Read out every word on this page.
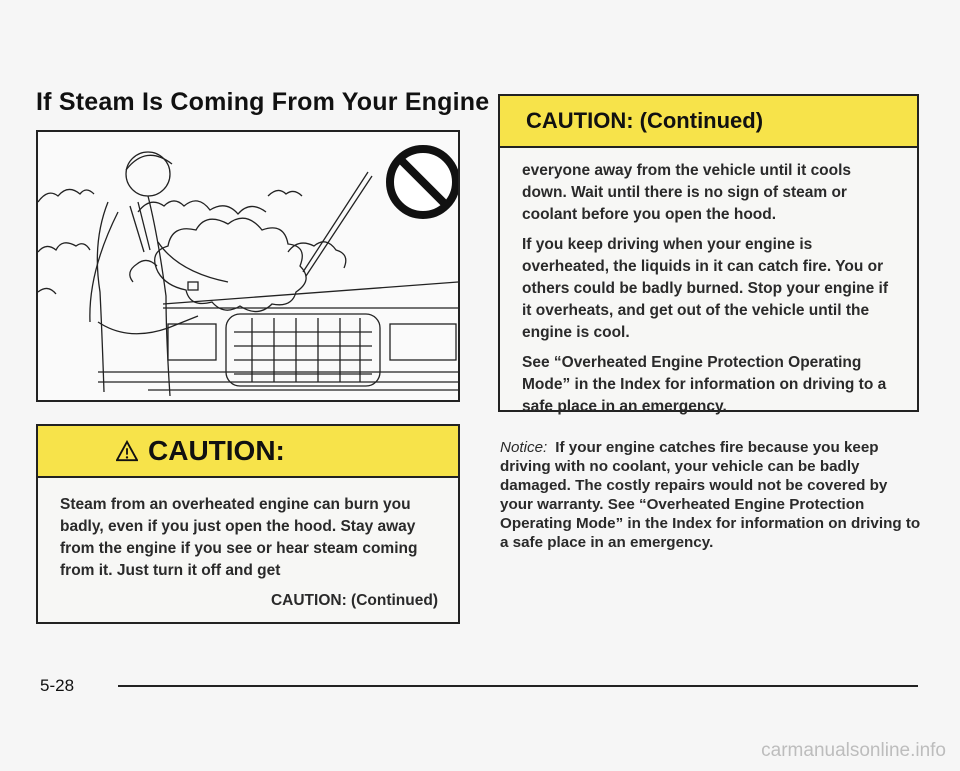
If Steam Is Coming From Your Engine
CAUTION:

Steam from an overheated engine can burn you badly, even if you just open the hood. Stay away from the engine if you see or hear steam coming from it. Just turn it off and get

CAUTION: (Continued)

CAUTION: (Continued)

everyone away from the vehicle until it cools down. Wait until there is no sign of steam or coolant before you open the hood.

If you keep driving when your engine is overheated, the liquids in it can catch fire. You or others could be badly burned. Stop your engine if it overheats, and get out of the vehicle until the engine is cool.

See “Overheated Engine Protection Operating Mode” in the Index for information on driving to a safe place in an emergency.

Notice: If your engine catches fire because you keep driving with no coolant, your vehicle can be badly damaged. The costly repairs would not be covered by your warranty. See “Overheated Engine Protection Operating Mode” in the Index for information on driving to a safe place in an emergency.

5-28

carmanualsonline.info
